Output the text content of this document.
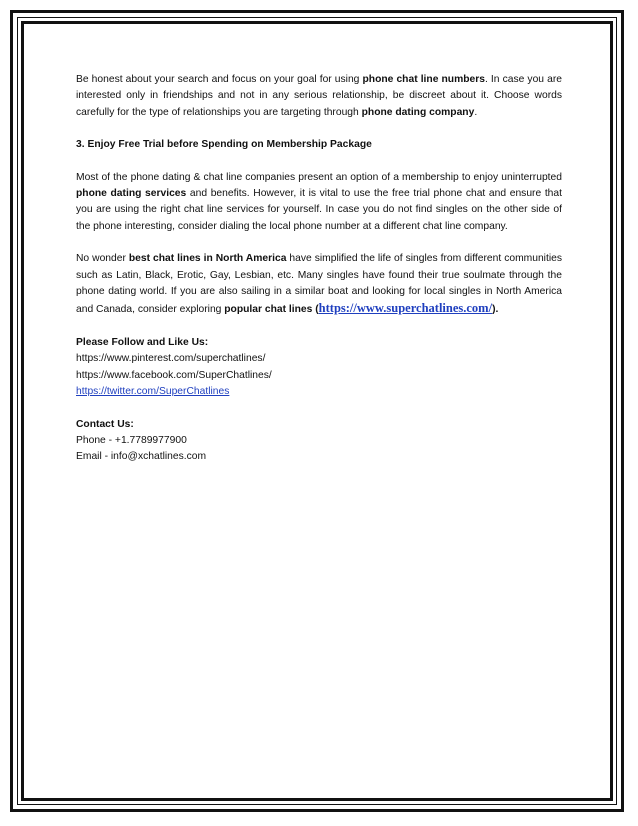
Be honest about your search and focus on your goal for using phone chat line numbers. In case you are interested only in friendships and not in any serious relationship, be discreet about it. Choose words carefully for the type of relationships you are targeting through phone dating company.

3. Enjoy Free Trial before Spending on Membership Package

Most of the phone dating & chat line companies present an option of a membership to enjoy uninterrupted phone dating services and benefits. However, it is vital to use the free trial phone chat and ensure that you are using the right chat line services for yourself. In case you do not find singles on the other side of the phone interesting, consider dialing the local phone number at a different chat line company.

No wonder best chat lines in North America have simplified the life of singles from different communities such as Latin, Black, Erotic, Gay, Lesbian, etc. Many singles have found their true soulmate through the phone dating world. If you are also sailing in a similar boat and looking for local singles in North America and Canada, consider exploring popular chat lines (https://www.superchatlines.com/).

Please Follow and Like Us:
https://www.pinterest.com/superchatlines/
https://www.facebook.com/SuperChatlines/
https://twitter.com/SuperChatlines
Contact Us:
Phone - +1.7789977900
Email - info@xchatlines.com
